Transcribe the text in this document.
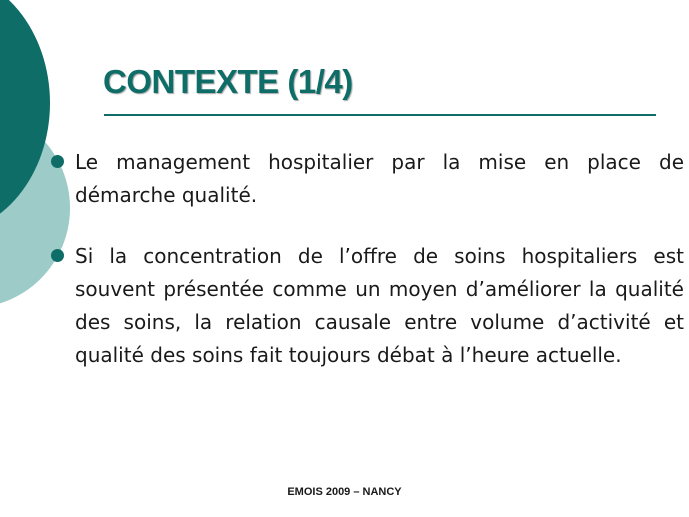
CONTEXTE (1/4)
Le management hospitalier par la mise en place de démarche qualité.
Si la concentration de l’offre de soins hospitaliers est souvent présentée comme un moyen d’améliorer la qualité des soins, la relation causale entre volume d’activité et qualité des soins fait toujours débat à l’heure actuelle.
EMOIS 2009 – NANCY
